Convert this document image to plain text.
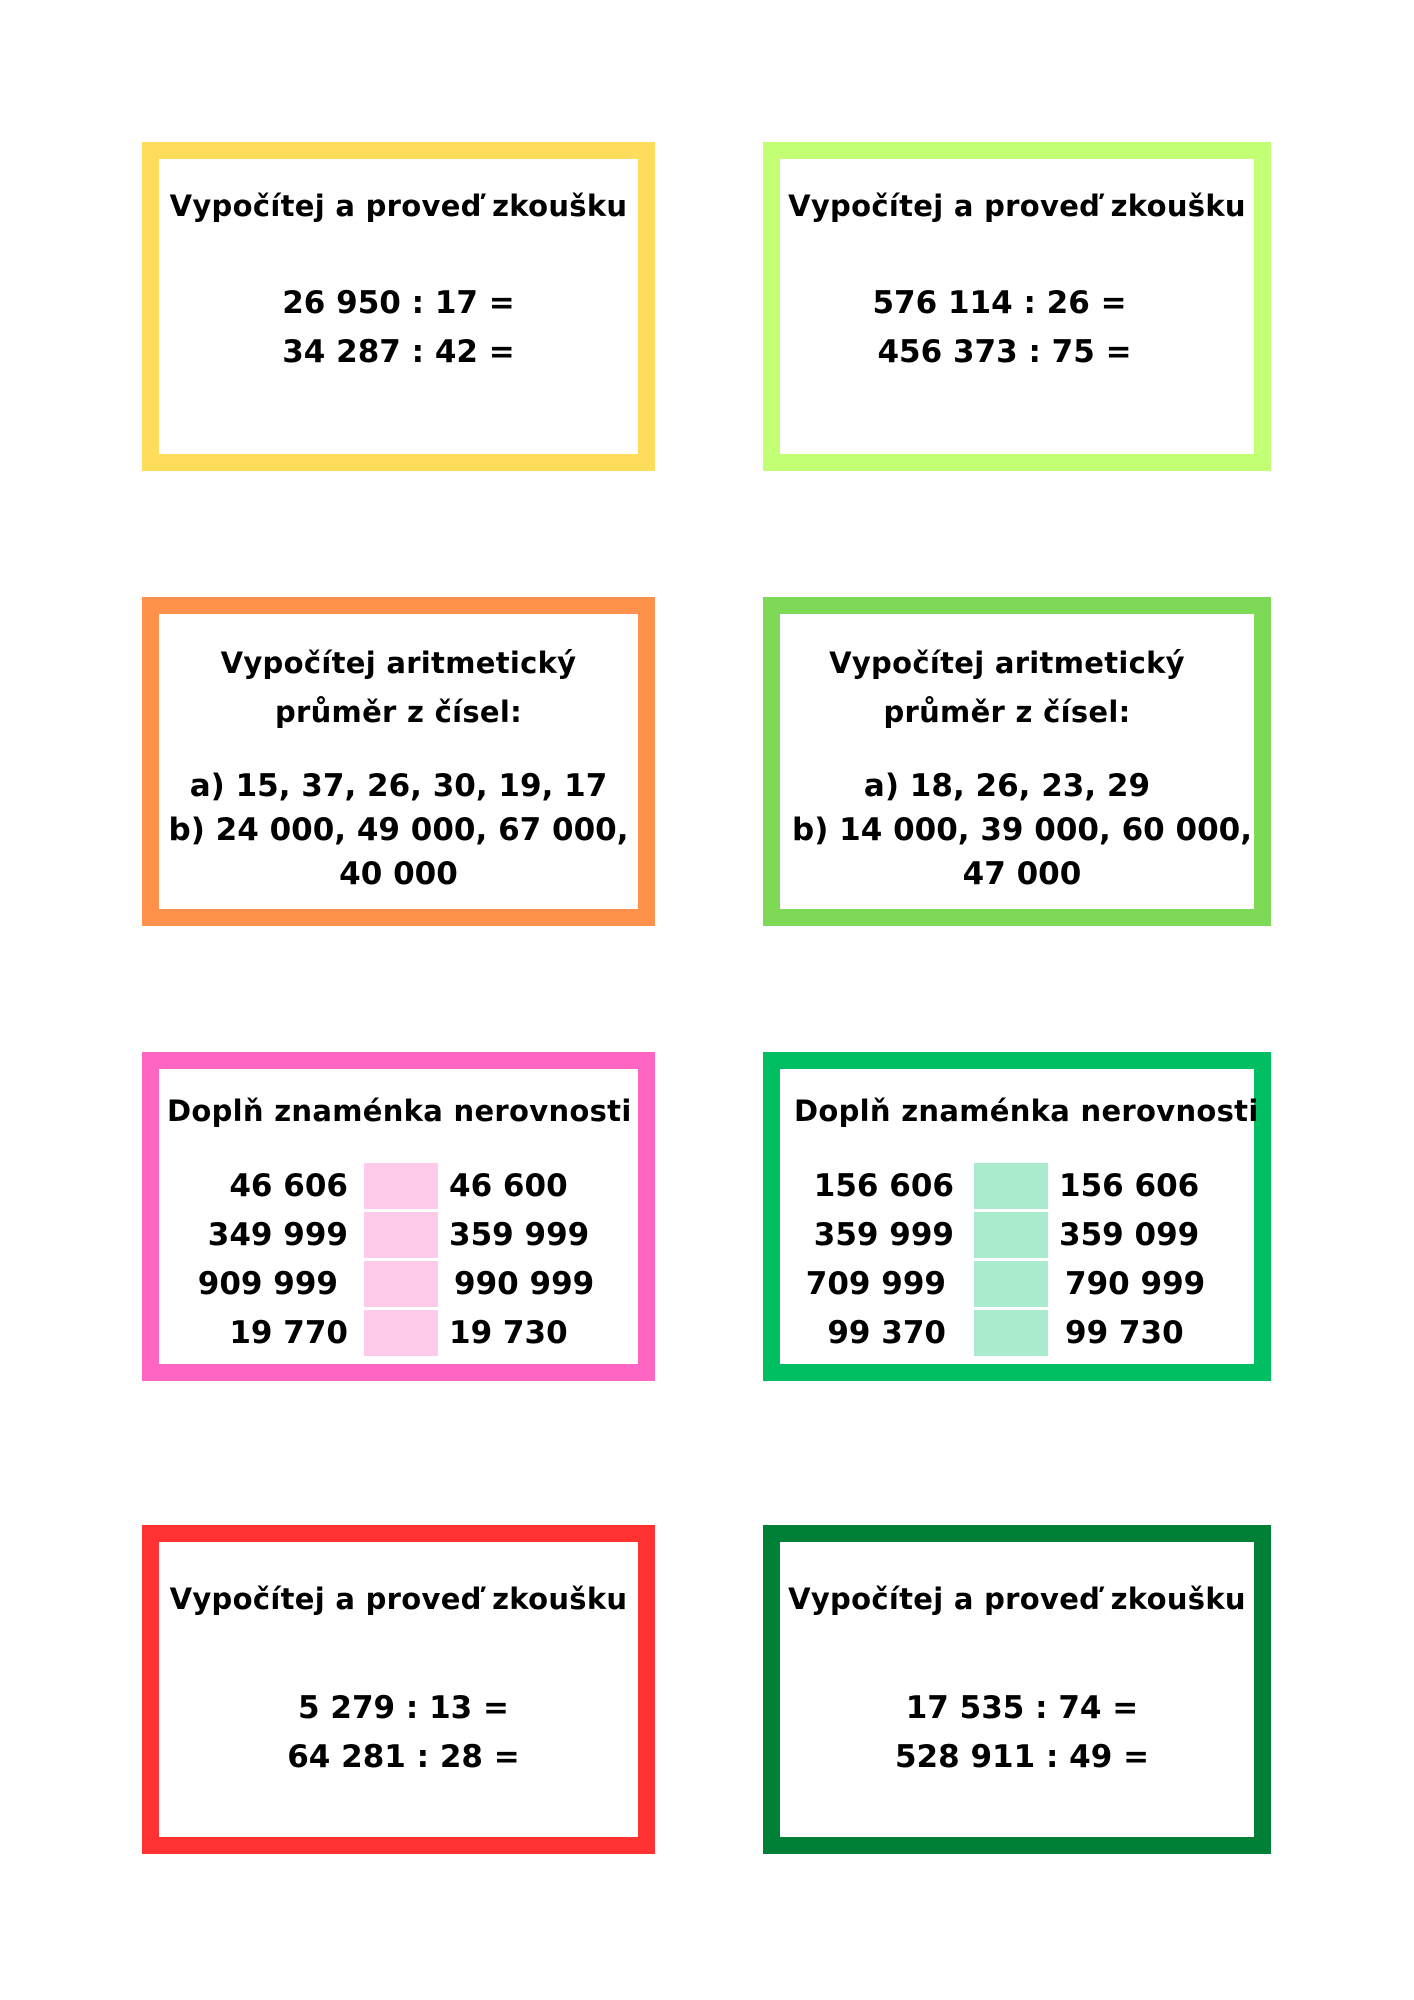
Vypočítej a proveď zkoušku
26 950 : 17 =
34 287 : 42 =
Vypočítej a proveď zkoušku
576 114 : 26 =
456 373 : 75 =
Vypočítej aritmetický průměr z čísel:
a) 15, 37, 26, 30, 19, 17
b) 24 000, 49 000, 67 000,
40 000
Vypočítej aritmetický průměr z čísel:
a) 18, 26, 23, 29
b) 14 000, 39 000, 60 000,
47 000
Doplň znaménka nerovnosti
46 606	46 600
349 999	359 999
909 999	990 999
19 770	19 730
Doplň znaménka nerovnosti
156 606	156 606
359 999	359 099
709 999	790 999
99 370	99 730
Vypočítej a proveď zkoušku
5 279 : 13 =
64 281 : 28 =
Vypočítej a proveď zkoušku
17 535 : 74 =
528 911 : 49 =
